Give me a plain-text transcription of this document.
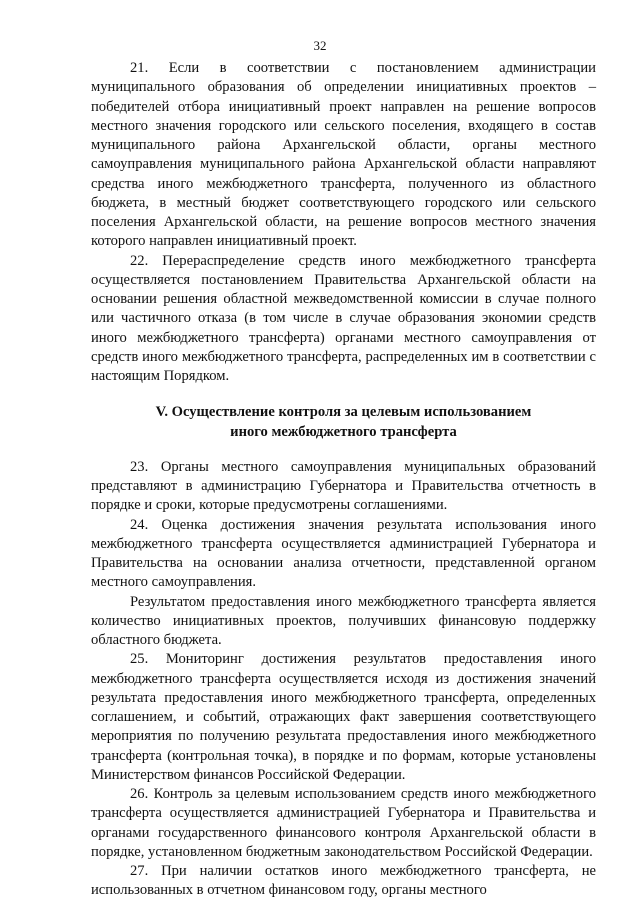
32

21. Если в соответствии с постановлением администрации муниципального образования об определении инициативных проектов – победителей отбора инициативный проект направлен на решение вопросов местного значения городского или сельского поселения, входящего в состав муниципального района Архангельской области, органы местного самоуправления муниципального района Архангельской области направляют средства иного межбюджетного трансферта, полученного из областного бюджета, в местный бюджет соответствующего городского или сельского поселения Архангельской области, на решение вопросов местного значения которого направлен инициативный проект.

22. Перераспределение средств иного межбюджетного трансферта осуществляется постановлением Правительства Архангельской области на основании решения областной межведомственной комиссии в случае полного или частичного отказа (в том числе в случае образования экономии средств иного межбюджетного трансферта) органами местного самоуправления от средств иного межбюджетного трансферта, распределенных им в соответствии с настоящим Порядком.

V. Осуществление контроля за целевым использованием
иного межбюджетного трансферта

23. Органы местного самоуправления муниципальных образований представляют в администрацию Губернатора и Правительства отчетность в порядке и сроки, которые предусмотрены соглашениями.

24. Оценка достижения значения результата использования иного межбюджетного трансферта осуществляется администрацией Губернатора и Правительства на основании анализа отчетности, представленной органом местного самоуправления.

Результатом предоставления иного межбюджетного трансферта является количество инициативных проектов, получивших финансовую поддержку областного бюджета.

25. Мониторинг достижения результатов предоставления иного межбюджетного трансферта осуществляется исходя из достижения значений результата предоставления иного межбюджетного трансферта, определенных соглашением, и событий, отражающих факт завершения соответствующего мероприятия по получению результата предоставления иного межбюджетного трансферта (контрольная точка), в порядке и по формам, которые установлены Министерством финансов Российской Федерации.

26. Контроль за целевым использованием средств иного межбюджетного трансферта осуществляется администрацией Губернатора и Правительства и органами государственного финансового контроля Архангельской области в порядке, установленном бюджетным законодательством Российской Федерации.

27. При наличии остатков иного межбюджетного трансферта, не использованных в отчетном финансовом году, органы местного
